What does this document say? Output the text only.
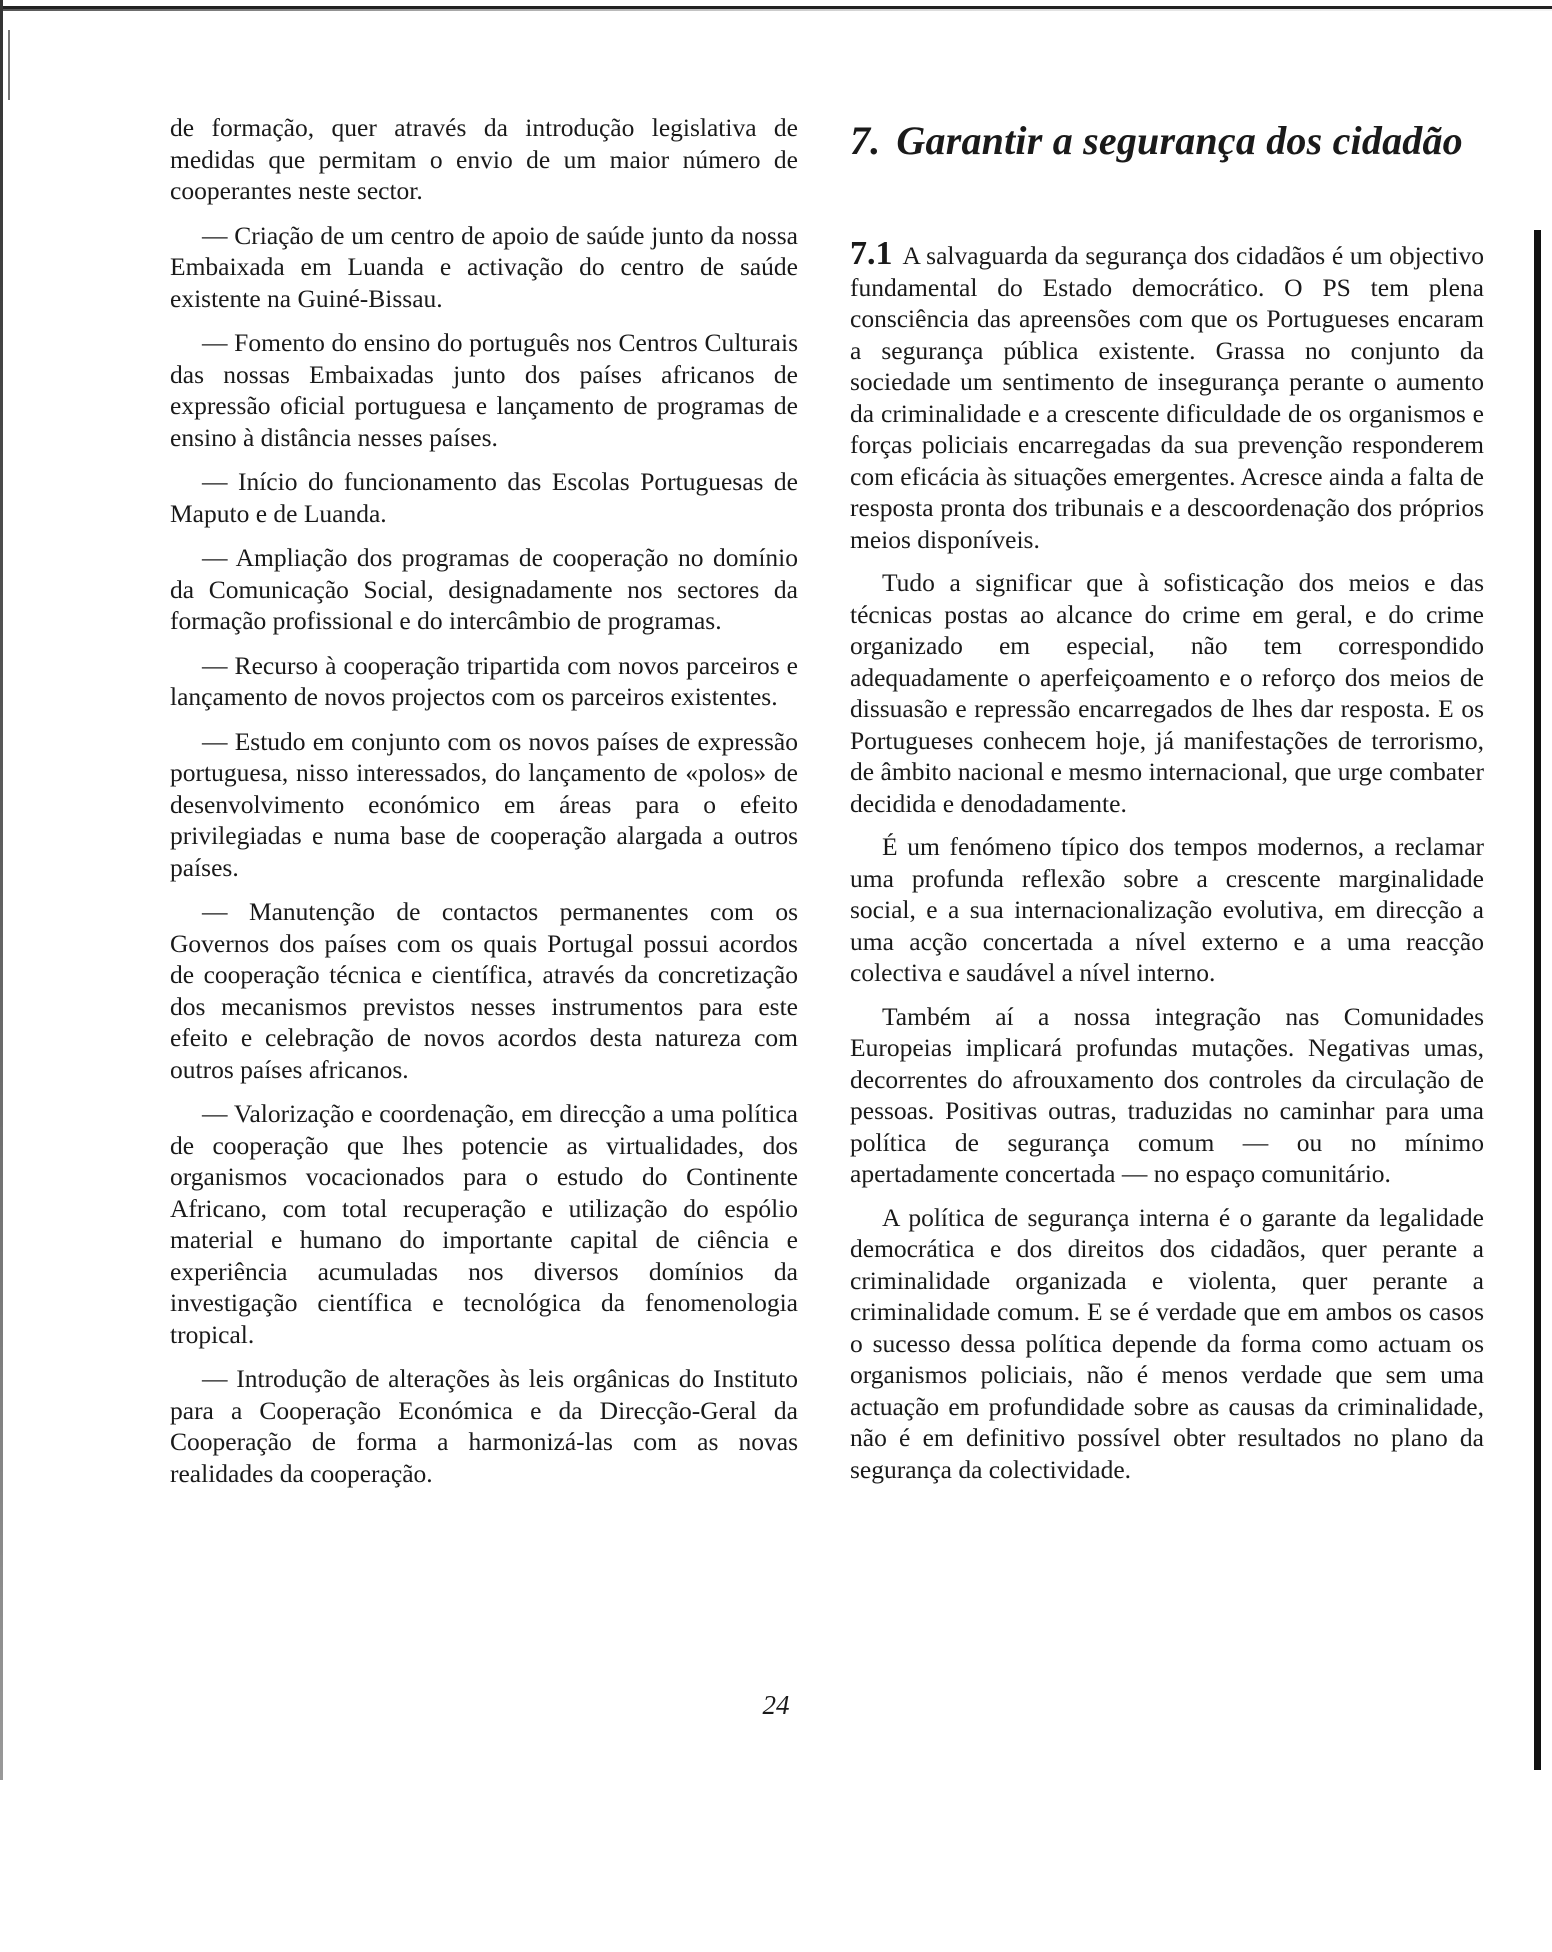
de formação, quer através da introdução legislativa de medidas que permitam o envio de um maior número de cooperantes neste sector.

— Criação de um centro de apoio de saúde junto da nossa Embaixada em Luanda e activação do centro de saúde existente na Guiné-Bissau.

— Fomento do ensino do português nos Centros Culturais das nossas Embaixadas junto dos países africanos de expressão oficial portuguesa e lançamento de programas de ensino à distância nesses países.

— Início do funcionamento das Escolas Portuguesas de Maputo e de Luanda.

— Ampliação dos programas de cooperação no domínio da Comunicação Social, designadamente nos sectores da formação profissional e do intercâmbio de programas.

— Recurso à cooperação tripartida com novos parceiros e lançamento de novos projectos com os parceiros existentes.

— Estudo em conjunto com os novos países de expressão portuguesa, nisso interessados, do lançamento de «polos» de desenvolvimento económico em áreas para o efeito privilegiadas e numa base de cooperação alargada a outros países.

— Manutenção de contactos permanentes com os Governos dos países com os quais Portugal possui acordos de cooperação técnica e científica, através da concretização dos mecanismos previstos nesses instrumentos para este efeito e celebração de novos acordos desta natureza com outros países africanos.

— Valorização e coordenação, em direcção a uma política de cooperação que lhes potencie as virtualidades, dos organismos vocacionados para o estudo do Continente Africano, com total recuperação e utilização do espólio material e humano do importante capital de ciência e experiência acumuladas nos diversos domínios da investigação científica e tecnológica da fenomenologia tropical.

— Introdução de alterações às leis orgânicas do Instituto para a Cooperação Económica e da Direcção-Geral da Cooperação de forma a harmonizá-las com as novas realidades da cooperação.

7. Garantir a segurança dos cidadão

7.1 A salvaguarda da segurança dos cidadãos é um objectivo fundamental do Estado democrático. O PS tem plena consciência das apreensões com que os Portugueses encaram a segurança pública existente. Grassa no conjunto da sociedade um sentimento de insegurança perante o aumento da criminalidade e a crescente dificuldade de os organismos e forças policiais encarregadas da sua prevenção responderem com eficácia às situações emergentes. Acresce ainda a falta de resposta pronta dos tribunais e a descoordenação dos próprios meios disponíveis.

Tudo a significar que à sofisticação dos meios e das técnicas postas ao alcance do crime em geral, e do crime organizado em especial, não tem correspondido adequadamente o aperfeiçoamento e o reforço dos meios de dissuasão e repressão encarregados de lhes dar resposta. E os Portugueses conhecem hoje, já manifestações de terrorismo, de âmbito nacional e mesmo internacional, que urge combater decidida e denodadamente.

É um fenómeno típico dos tempos modernos, a reclamar uma profunda reflexão sobre a crescente marginalidade social, e a sua internacionalização evolutiva, em direcção a uma acção concertada a nível externo e a uma reacção colectiva e saudável a nível interno.

Também aí a nossa integração nas Comunidades Europeias implicará profundas mutações. Negativas umas, decorrentes do afrouxamento dos controles da circulação de pessoas. Positivas outras, traduzidas no caminhar para uma política de segurança comum — ou no mínimo apertadamente concertada — no espaço comunitário.

A política de segurança interna é o garante da legalidade democrática e dos direitos dos cidadãos, quer perante a criminalidade organizada e violenta, quer perante a criminalidade comum. E se é verdade que em ambos os casos o sucesso dessa política depende da forma como actuam os organismos policiais, não é menos verdade que sem uma actuação em profundidade sobre as causas da criminalidade, não é em definitivo possível obter resultados no plano da segurança da colectividade.

24
